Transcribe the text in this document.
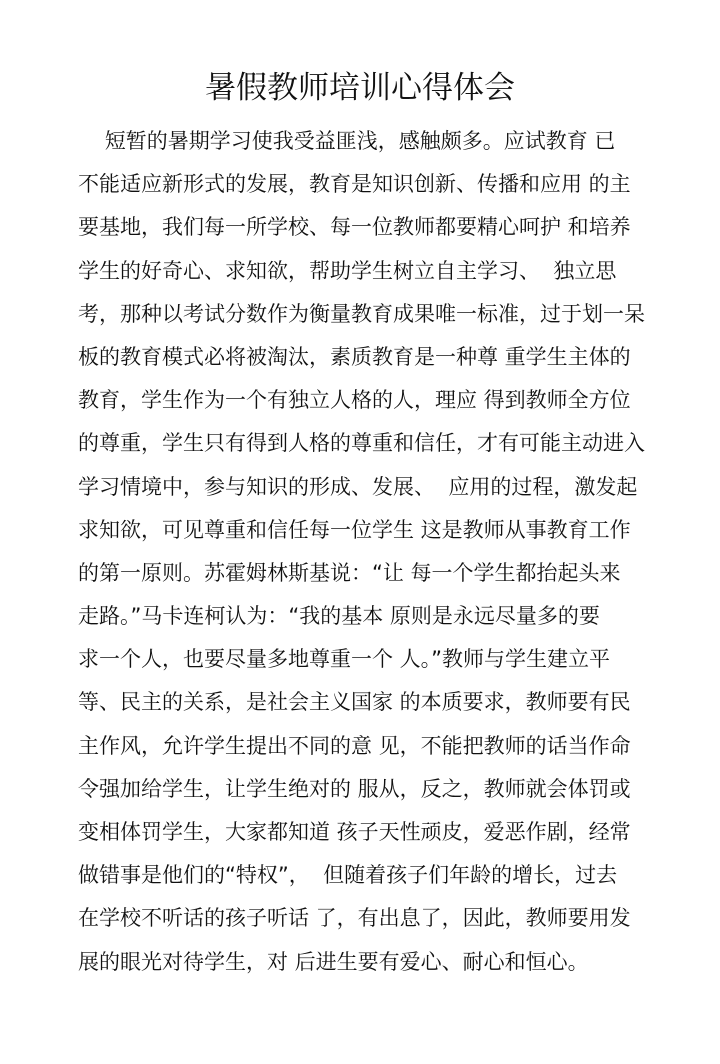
暑假教师培训心得体会
短暂的暑期学习使我受益匪浅，感触颇多。应试教育 已
不能适应新形式的发展，教育是知识创新、传播和应用 的主
要基地，我们每一所学校、每一位教师都要精心呵护 和培养
学生的好奇心、求知欲，帮助学生树立自主学习、  独立思
考，那种以考试分数作为衡量教育成果唯一标准，过于划一呆
板的教育模式必将被淘汰，素质教育是一种尊 重学生主体的
教育，学生作为一个有独立人格的人，理应 得到教师全方位
的尊重，学生只有得到人格的尊重和信任，才有可能主动进入
学习情境中，参与知识的形成、发展、  应用的过程，激发起
求知欲，可见尊重和信任每一位学生 这是教师从事教育工作
的第一原则。苏霍姆林斯基说：“让 每一个学生都抬起头来
走路。”马卡连柯认为：“我的基本 原则是永远尽量多的要
求一个人，也要尽量多地尊重一个 人。”教师与学生建立平
等、民主的关系，是社会主义国家 的本质要求，教师要有民
主作风，允许学生提出不同的意 见，不能把教师的话当作命
令强加给学生，让学生绝对的 服从，反之，教师就会体罚或
变相体罚学生，大家都知道 孩子天性顽皮，爱恶作剧，经常
做错事是他们的“特权”，  但随着孩子们年龄的增长，过去
在学校不听话的孩子听话 了，有出息了，因此，教师要用发
展的眼光对待学生，对 后进生要有爱心、耐心和恒心。
